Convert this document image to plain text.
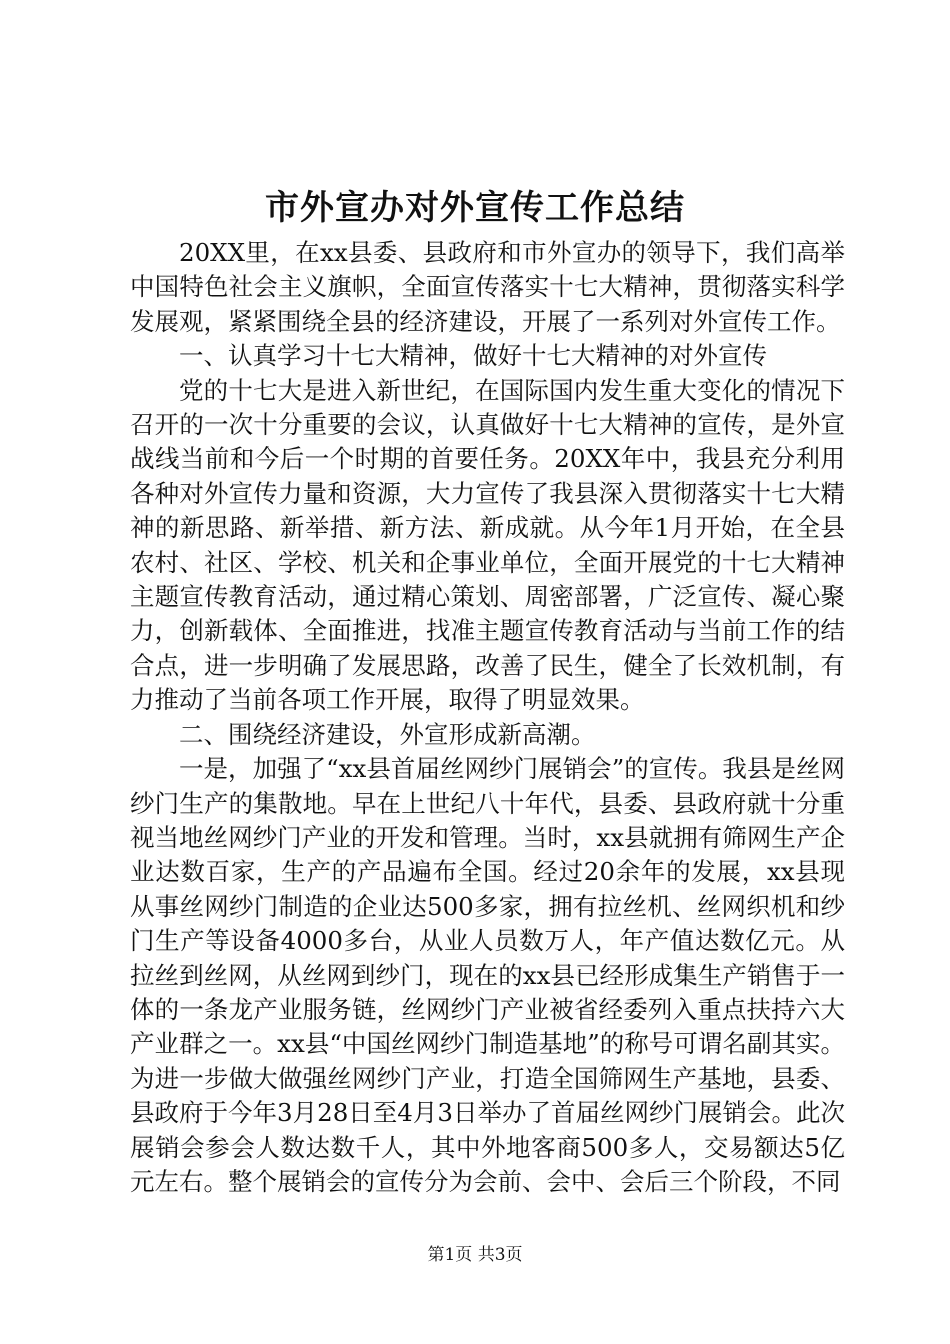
市外宣办对外宣传工作总结

20XX里，在xx县委、县政府和市外宣办的领导下，我们高举中国特色社会主义旗帜，全面宣传落实十七大精神，贯彻落实科学发展观，紧紧围绕全县的经济建设，开展了一系列对外宣传工作。

一、认真学习十七大精神，做好十七大精神的对外宣传

党的十七大是进入新世纪，在国际国内发生重大变化的情况下召开的一次十分重要的会议，认真做好十七大精神的宣传，是外宣战线当前和今后一个时期的首要任务。20XX年中，我县充分利用各种对外宣传力量和资源，大力宣传了我县深入贯彻落实十七大精神的新思路、新举措、新方法、新成就。从今年1月开始，在全县农村、社区、学校、机关和企事业单位，全面开展党的十七大精神主题宣传教育活动，通过精心策划、周密部署，广泛宣传、凝心聚力，创新载体、全面推进，找准主题宣传教育活动与当前工作的结合点，进一步明确了发展思路，改善了民生，健全了长效机制，有力推动了当前各项工作开展，取得了明显效果。

二、围绕经济建设，外宣形成新高潮。

一是，加强了“xx县首届丝网纱门展销会”的宣传。我县是丝网纱门生产的集散地。早在上世纪八十年代，县委、县政府就十分重视当地丝网纱门产业的开发和管理。当时，xx县就拥有筛网生产企业达数百家，生产的产品遍布全国。经过20余年的发展，xx县现从事丝网纱门制造的企业达500多家，拥有拉丝机、丝网织机和纱门生产等设备4000多台，从业人员数万人，年产值达数亿元。从拉丝到丝网，从丝网到纱门，现在的xx县已经形成集生产销售于一体的一条龙产业服务链，丝网纱门产业被省经委列入重点扶持六大产业群之一。xx县“中国丝网纱门制造基地”的称号可谓名副其实。为进一步做大做强丝网纱门产业，打造全国筛网生产基地，县委、县政府于今年3月28日至4月3日举办了首届丝网纱门展销会。此次展销会参会人数达数千人，其中外地客商500多人，交易额达5亿元左右。整个展销会的宣传分为会前、会中、会后三个阶段，不同

第1页 共3页
